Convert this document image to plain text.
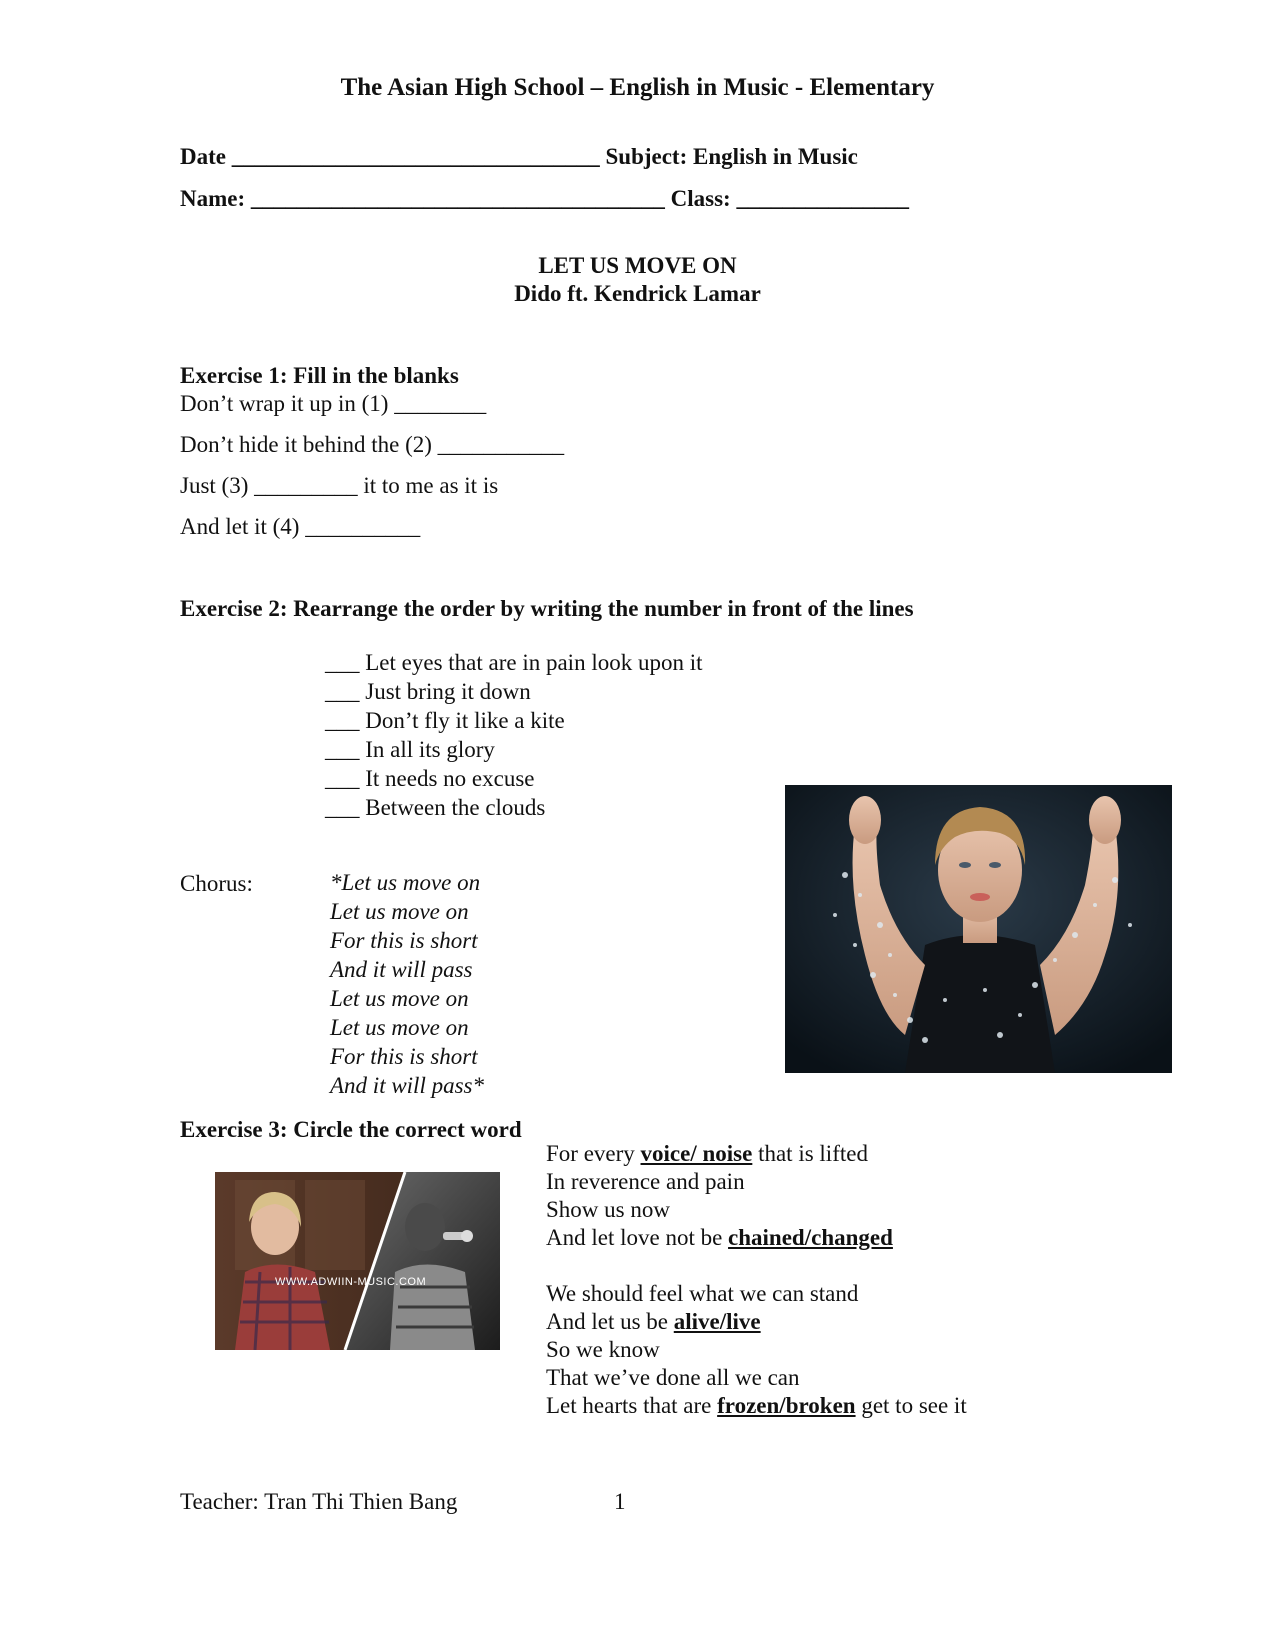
The Asian High School – English in Music - Elementary
Date ________________________________ Subject: English in Music
Name: ____________________________________ Class: _______________
LET US MOVE ON
Dido ft. Kendrick Lamar
Exercise 1: Fill in the blanks
Don’t wrap it up in (1) ________
Don’t hide it behind the (2) ___________
Just (3) _________ it to me as it is
And let it (4) __________
Exercise 2: Rearrange the order by writing the number in front of the lines
___ Let eyes that are in pain look upon it
___ Just bring it down
___ Don’t fly it like a kite
___ In all its glory
___ It needs no excuse
___ Between the clouds
Chorus:	*Let us move on
Let us move on
For this is short
And it will pass
Let us move on
Let us move on
For this is short
And it will pass*
Exercise 3: Circle the correct word
WWW.ADWIIN-MUSIC.COM
For every voice/ noise that is lifted
In reverence and pain
Show us now
And let love not be chained/changed
We should feel what we can stand
And let us be alive/live
So we know
That we’ve done all we can
Let hearts that are frozen/broken get to see it
Teacher: Tran Thi Thien Bang	1
